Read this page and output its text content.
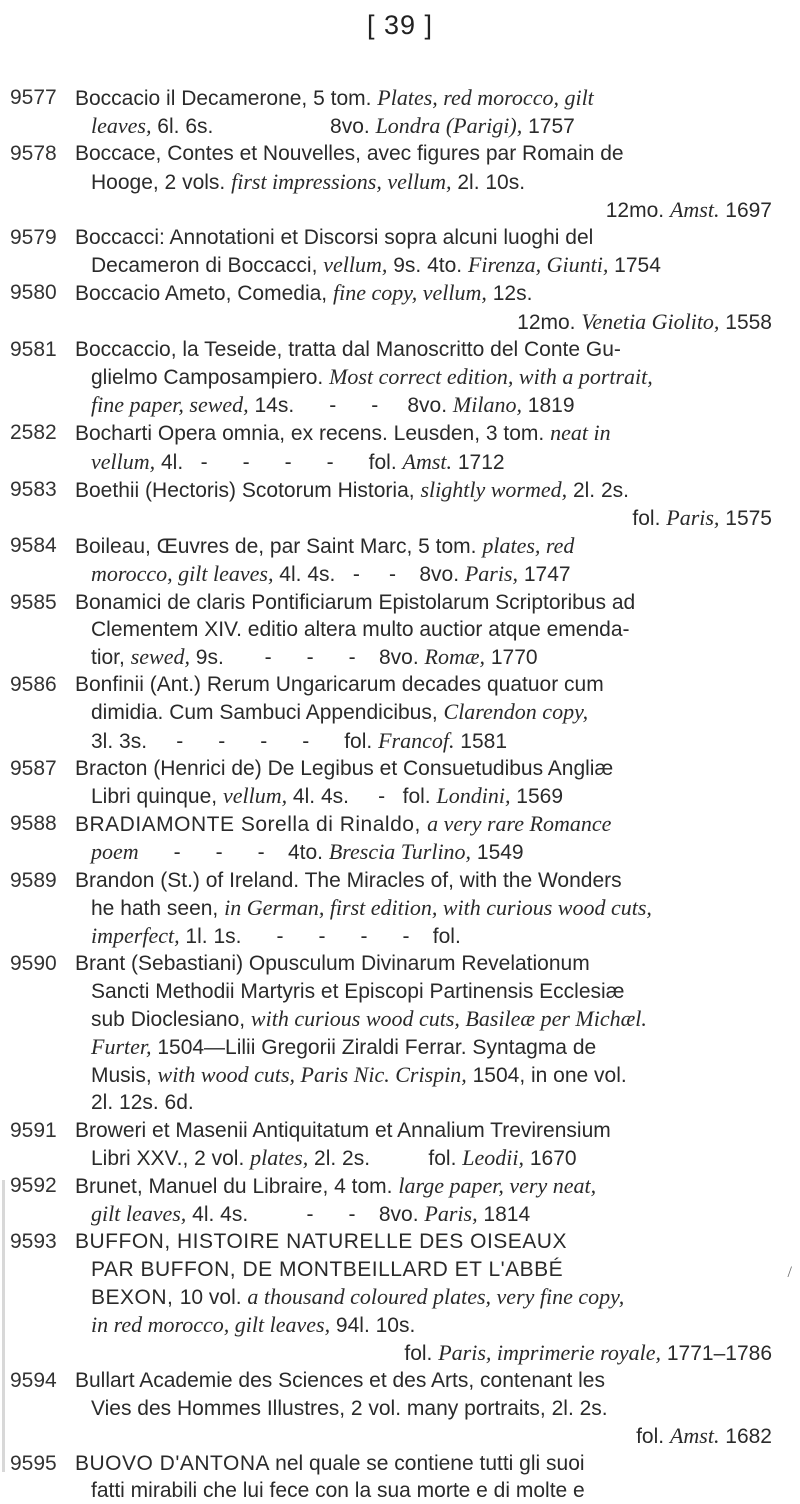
[ 39 ]
/
9577 Boccacio il Decamerone, 5 tom. Plates, red morocco, gilt
leaves, 6l. 6s.                    8vo. Londra (Parigi), 1757
9578 Boccace, Contes et Nouvelles, avec figures par Romain de
Hooge, 2 vols. first impressions, vellum, 2l. 10s.
12mo. Amst. 1697
9579 Boccacci: Annotationi et Discorsi sopra alcuni luoghi del
Decameron di Boccacci, vellum, 9s. 4to. Firenza, Giunti, 1754
9580 Boccacio Ameto, Comedia, fine copy, vellum, 12s.
12mo. Venetia Giolito, 1558
9581 Boccaccio, la Teseide, tratta dal Manoscritto del Conte Gu-
glielmo Camposampiero. Most correct edition, with a portrait,
fine paper, sewed, 14s.      -      -     8vo. Milano, 1819
2582 Bocharti Opera omnia, ex recens. Leusden, 3 tom. neat in
vellum, 4l.   -      -      -      -      fol. Amst. 1712
9583 Boethii (Hectoris) Scotorum Historia, slightly wormed, 2l. 2s.
fol. Paris, 1575
9584 Boileau, Œuvres de, par Saint Marc, 5 tom. plates, red
morocco, gilt leaves, 4l. 4s.   -     -    8vo. Paris, 1747
9585 Bonamici de claris Pontificiarum Epistolarum Scriptoribus ad
Clementem XIV. editio altera multo auctior atque emenda-
tior, sewed, 9s.       -      -      -    8vo. Romæ, 1770
9586 Bonfinii (Ant.) Rerum Ungaricarum decades quatuor cum
dimidia. Cum Sambuci Appendicibus, Clarendon copy,
3l. 3s.     -      -      -      -      fol. Francof. 1581
9587 Bracton (Henrici de) De Legibus et Consuetudibus Angliæ
Libri quinque, vellum, 4l. 4s.     -   fol. Londini, 1569
9588 BRADIAMONTE Sorella di Rinaldo, a very rare Romance
poem      -      -      -    4to. Brescia Turlino, 1549
9589 Brandon (St.) of Ireland. The Miracles of, with the Wonders
he hath seen, in German, first edition, with curious wood cuts,
imperfect, 1l. 1s.      -      -      -      -    fol.
9590 Brant (Sebastiani) Opusculum Divinarum Revelationum
Sancti Methodii Martyris et Episcopi Partinensis Ecclesiæ
sub Dioclesiano, with curious wood cuts, Basileæ per Michæl.
Furter, 1504—Lilii Gregorii Ziraldi Ferrar. Syntagma de
Musis, with wood cuts, Paris Nic. Crispin, 1504, in one vol.
2l. 12s. 6d.
9591 Broweri et Masenii Antiquitatum et Annalium Trevirensium
Libri XXV., 2 vol. plates, 2l. 2s.          fol. Leodii, 1670
9592 Brunet, Manuel du Libraire, 4 tom. large paper, very neat,
gilt leaves, 4l. 4s.          -      -    8vo. Paris, 1814
9593 BUFFON, HISTOIRE NATURELLE DES OISEAUX
PAR BUFFON, DE MONTBEILLARD ET L'ABBÉ
BEXON, 10 vol. a thousand coloured plates, very fine copy,
in red morocco, gilt leaves, 94l. 10s.
fol. Paris, imprimerie royale, 1771–1786
9594 Bullart Academie des Sciences et des Arts, contenant les
Vies des Hommes Illustres, 2 vol. many portraits, 2l. 2s.
fol. Amst. 1682
9595 BUOVO D'ANTONA nel quale se contiene tutti gli suoi
fatti mirabili che lui fece con la sua morte e di molte e
